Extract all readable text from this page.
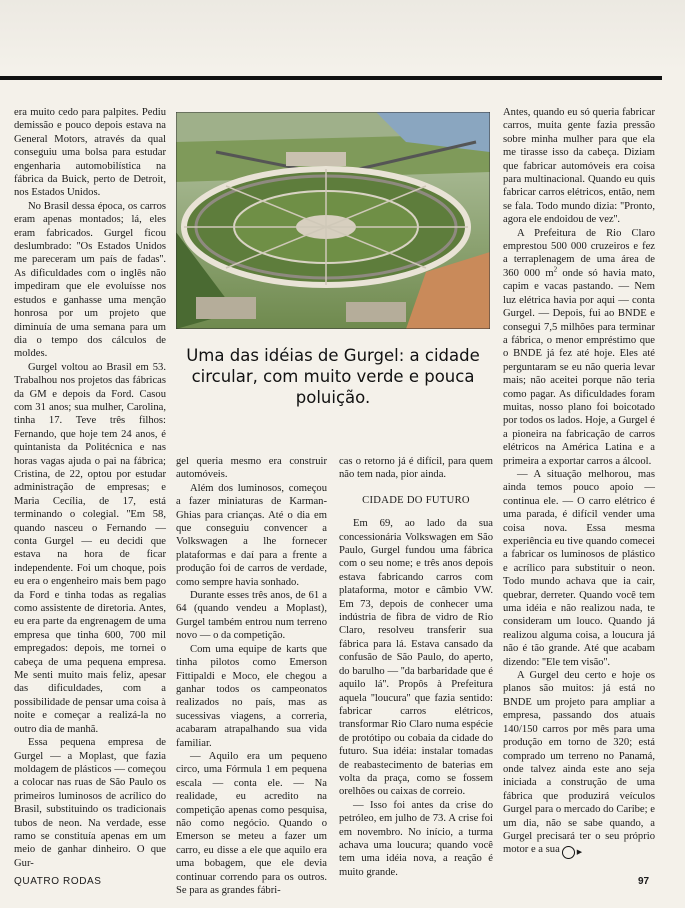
era muito cedo para palpites. Pediu demissão e pouco depois estava na General Motors, através da qual conseguiu uma bolsa para estudar engenharia automobilística na fábrica da Buick, perto de Detroit, nos Estados Unidos.

No Brasil dessa época, os carros eram apenas montados; lá, eles eram fabricados. Gurgel ficou deslumbrado: ''Os Estados Unidos me pareceram um país de fadas''. As dificuldades com o inglês não impediram que ele evoluísse nos estudos e ganhasse uma menção honrosa por um projeto que diminuía de uma semana para um dia o tempo dos cálculos de moldes.

Gurgel voltou ao Brasil em 53. Trabalhou nos projetos das fábricas da GM e depois da Ford. Casou com 31 anos; sua mulher, Carolina, tinha 17. Teve três filhos: Fernando, que hoje tem 24 anos, é quintanista da Politécnica e nas horas vagas ajuda o pai na fábrica; Cristina, de 22, optou por estudar administração de empresas; e Maria Cecília, de 17, está terminando o colegial. ''Em 58, quando nasceu o Fernando — conta Gurgel — eu decidi que estava na hora de ficar independente. Foi um choque, pois eu era o engenheiro mais bem pago da Ford e tinha todas as regalias como assistente de diretoria. Antes, eu era parte da engrenagem de uma empresa que tinha 600, 700 mil empregados: depois, me tornei o cabeça de uma pequena empresa. Me senti muito mais feliz, apesar das dificuldades, com a possibilidade de pensar uma coisa à noite e começar a realizá-la no outro dia de manhã.

Essa pequena empresa de Gurgel — a Moplast, que fazia moldagem de plásticos — começou a colocar nas ruas de São Paulo os primeiros luminosos de acrílico do Brasil, substituindo os tradicionais tubos de neon. Na verdade, esse ramo se constituía apenas em um meio de ganhar dinheiro. O que Gur-

Uma das idéias de Gurgel: a cidade circular, com muito verde e pouca poluição.

gel queria mesmo era construir automóveis.

Além dos luminosos, começou a fazer miniaturas de Karman-Ghias para crianças. Até o dia em que conseguiu convencer a Volkswagen a lhe fornecer plataformas e daí para a frente a produção foi de carros de verdade, como sempre havia sonhado.

Durante esses três anos, de 61 a 64 (quando vendeu a Moplast), Gurgel também entrou num terreno novo — o da competição.

Com uma equipe de karts que tinha pilotos como Emerson Fittipaldi e Moco, ele chegou a ganhar todos os campeonatos realizados no país, mas as sucessivas viagens, a correria, acabaram atrapalhando sua vida familiar.

— Aquilo era um pequeno circo, uma Fórmula 1 em pequena escala — conta ele. — Na realidade, eu acredito na competição apenas como pesquisa, não como negócio. Quando o Emerson se meteu a fazer um carro, eu disse a ele que aquilo era uma bobagem, que ele devia continuar correndo para os outros. Se para as grandes fábri-

cas o retorno já é difícil, para quem não tem nada, pior ainda.

CIDADE DO FUTURO

Em 69, ao lado da sua concessionária Volkswagen em São Paulo, Gurgel fundou uma fábrica com o seu nome; e três anos depois estava fabricando carros com plataforma, motor e câmbio VW. Em 73, depois de conhecer uma indústria de fibra de vidro de Rio Claro, resolveu transferir sua fábrica para lá. Estava cansado da confusão de São Paulo, do aperto, do barulho — ''da barbaridade que é aquilo lá''. Propôs à Prefeitura aquela ''loucura'' que fazia sentido: fabricar carros elétricos, transformar Rio Claro numa espécie de protótipo ou cobaia da cidade do futuro. Sua idéia: instalar tomadas de reabastecimento de baterias em volta da praça, como se fossem orelhões ou caixas de correio.

— Isso foi antes da crise do petróleo, em julho de 73. A crise foi em novembro. No início, a turma achava uma loucura; quando você tem uma idéia nova, a reação é muito grande.

Antes, quando eu só queria fabricar carros, muita gente fazia pressão sobre minha mulher para que ela me tirasse isso da cabeça. Diziam que fabricar automóveis era coisa para multinacional. Quando eu quis fabricar carros elétricos, então, nem se fala. Todo mundo dizia: ''Pronto, agora ele endoidou de vez''.

A Prefeitura de Rio Claro emprestou 500 000 cruzeiros e fez a terraplenagem de uma área de 360 000 $m^2$ onde só havia mato, capim e vacas pastando. — Nem luz elétrica havia por aqui — conta Gurgel. — Depois, fui ao BNDE e consegui 7,5 milhões para terminar a fábrica, o menor empréstimo que o BNDE já fez até hoje. Eles até perguntaram se eu não queria levar mais; não aceitei porque não teria como pagar. As dificuldades foram muitas, nosso plano foi boicotado por todos os lados. Hoje, a Gurgel é a pioneira na fabricação de carros elétricos na América Latina e a primeira a exportar carros a álcool.

— A situação melhorou, mas ainda temos pouco apoio — continua ele. — O carro elétrico é uma parada, é difícil vender uma coisa nova. Essa mesma experiência eu tive quando comecei a fabricar os luminosos de plástico e acrílico para substituir o neon. Todo mundo achava que ia cair, quebrar, derreter. Quando você tem uma idéia e não realizou nada, te consideram um louco. Quando já realizou alguma coisa, a loucura já não é tão grande. Até que acabam dizendo: ''Ele tem visão''.

A Gurgel deu certo e hoje os planos são muitos: já está no BNDE um projeto para ampliar a empresa, passando dos atuais 140/150 carros por mês para uma produção em torno de 320; está comprado um terreno no Panamá, onde talvez ainda este ano seja iniciada a construção de uma fábrica que produzirá veículos Gurgel para o mercado do Caribe; e um dia, não se sabe quando, a Gurgel precisará ter o seu próprio motor e a sua ▶

QUATRO RODAS	97
